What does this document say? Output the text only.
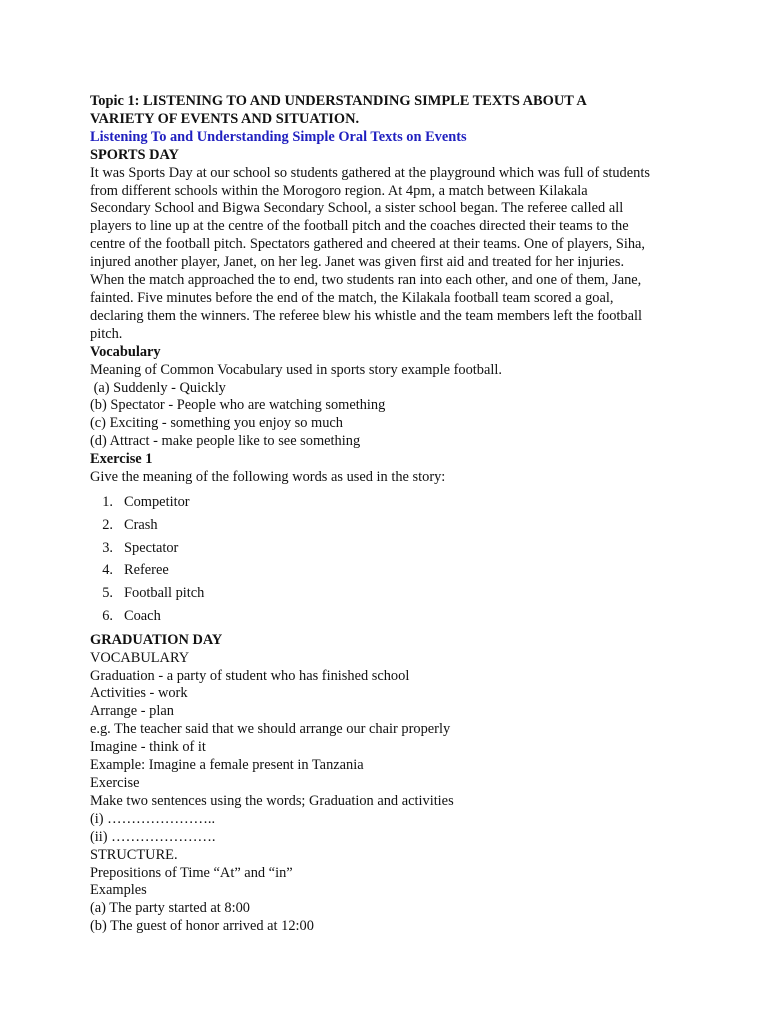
Topic 1: LISTENING TO AND UNDERSTANDING SIMPLE TEXTS ABOUT A
VARIETY OF EVENTS AND SITUATION.
Listening To and Understanding Simple Oral Texts on Events
SPORTS DAY
It was Sports Day at our school so students gathered at the playground which was full of students
from different schools within the Morogoro region. At 4pm, a match between Kilakala
Secondary School and Bigwa Secondary School, a sister school began. The referee called all
players to line up at the centre of the football pitch and the coaches directed their teams to the
centre of the football pitch. Spectators gathered and cheered at their teams. One of players, Siha,
injured another player, Janet, on her leg. Janet was given first aid and treated for her injuries.
When the match approached the to end, two students ran into each other, and one of them, Jane,
fainted. Five minutes before the end of the match, the Kilakala football team scored a goal,
declaring them the winners. The referee blew his whistle and the team members left the football
pitch.
Vocabulary
Meaning of Common Vocabulary used in sports story example football.
(a) Suddenly - Quickly
(b) Spectator - People who are watching something
(c) Exciting - something you enjoy so much
(d) Attract - make people like to see something
Exercise 1
Give the meaning of the following words as used in the story:
1. Competitor
2. Crash
3. Spectator
4. Referee
5. Football pitch
6. Coach
GRADUATION DAY
VOCABULARY
Graduation - a party of student who has finished school
Activities - work
Arrange - plan
e.g. The teacher said that we should arrange our chair properly
Imagine - think of it
Example: Imagine a female present in Tanzania
Exercise
Make two sentences using the words; Graduation and activities
(i) …………………..
(ii) ………………….
STRUCTURE.
Prepositions of Time “At” and “in”
Examples
(a) The party started at 8:00
(b) The guest of honor arrived at 12:00
